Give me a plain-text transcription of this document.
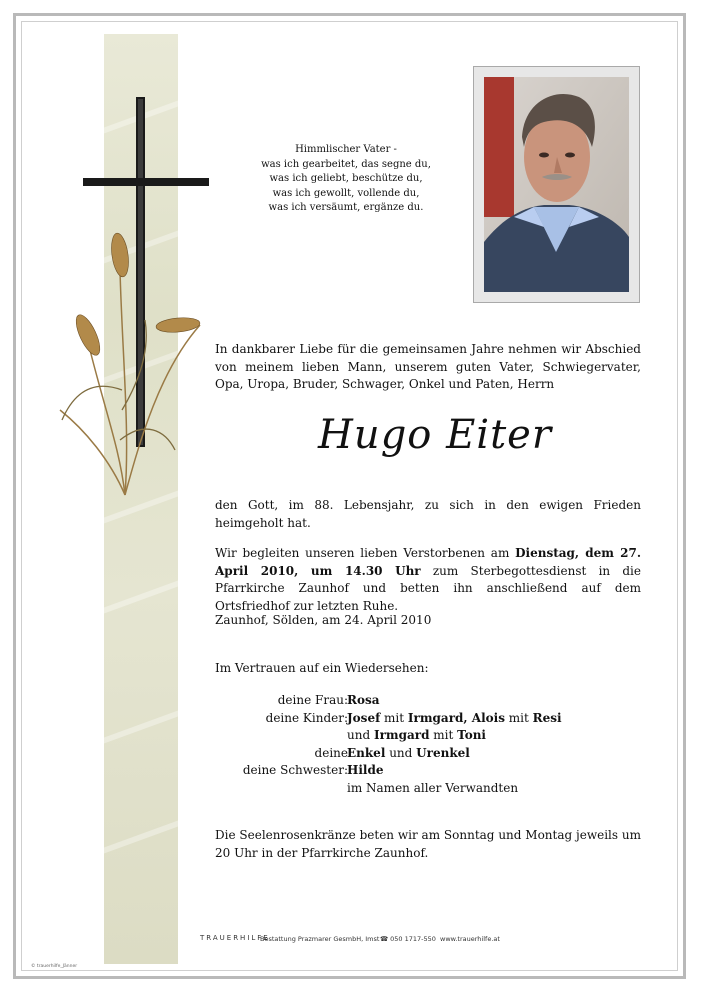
Himmlischer Vater -
was ich gearbeitet, das segne du,
was ich geliebt, beschütze du,
was ich gewollt, vollende du,
was ich versäumt, ergänze du.
In dankbarer Liebe für die gemeinsamen Jahre nehmen wir Abschied von meinem lieben Mann, unserem guten Vater, Schwiegervater, Opa, Uropa, Bruder, Schwager, Onkel und Paten, Herrn
Hugo Eiter
den Gott, im 88. Lebensjahr, zu sich in den ewigen Frieden heimgeholt hat.
Wir begleiten unseren lieben Verstorbenen am Dienstag, dem 27. April 2010, um 14.30 Uhr zum Sterbegottesdienst in die Pfarrkirche Zaunhof und betten ihn anschließend auf dem Ortsfriedhof zur letzten Ruhe.
Zaunhof, Sölden, am 24. April 2010
Im Vertrauen auf ein Wiedersehen:
deine Frau: Rosa
deine Kinder: Josef mit Irmgard, Alois mit Resi
und Irmgard mit Toni
deine Enkel und Urenkel
deine Schwester: Hilde
im Namen aller Verwandten
Die Seelenrosenkränze beten wir am Sonntag und Montag jeweils um 20 Uhr in der Pfarrkirche Zaunhof.
TRAUERHILFE
Bestattung Prazmarer GesmbH, Imst ☎ 050 1717-550 www.trauerhilfe.at
© trauerhilfe_Jänner
